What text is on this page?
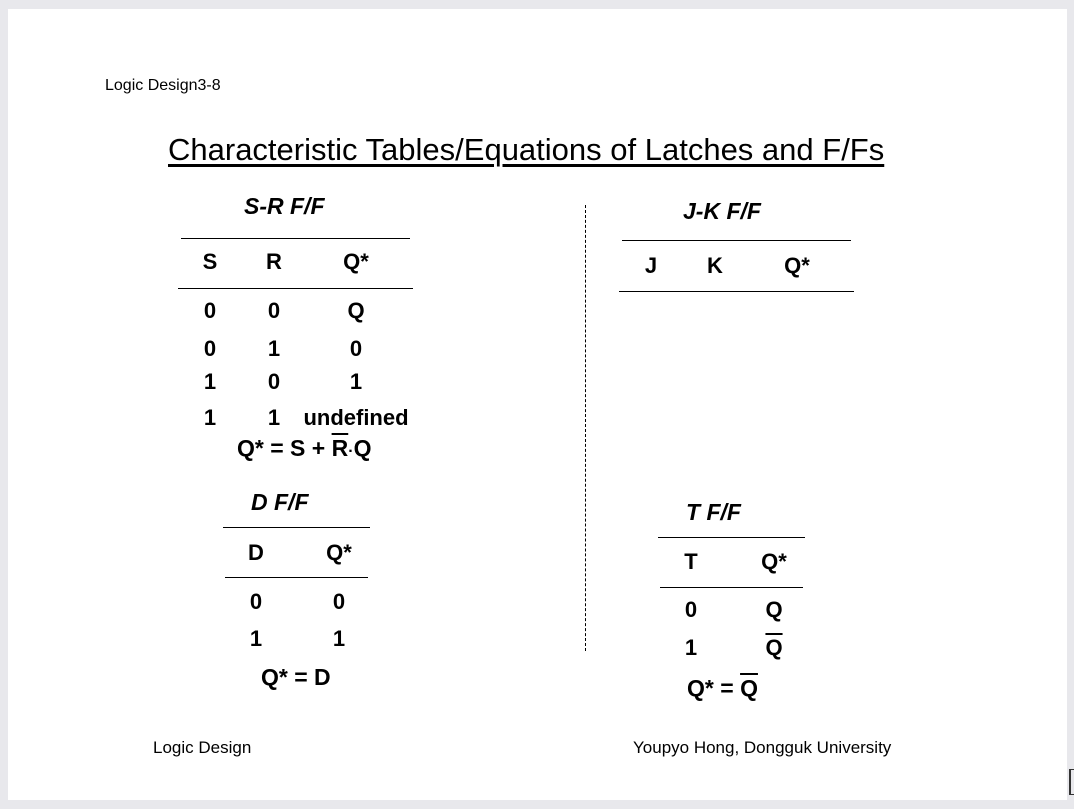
Logic Design3-8
Characteristic Tables/Equations of Latches and F/Fs
S-R F/F
S R	Q*
0 0	Q
0 1	0
1 0	1
1 1 undefined
$Q* = S + \overline{R}\cdot Q$
J-K F/F
J K	Q*
D F/F
D	Q*
0	0
1	1
Q* = D
T F/F
T	Q*
0	Q
1	$\overline{Q}$
$Q* = \overline{Q}$
Logic Design	Youpyo Hong, Dongguk University
